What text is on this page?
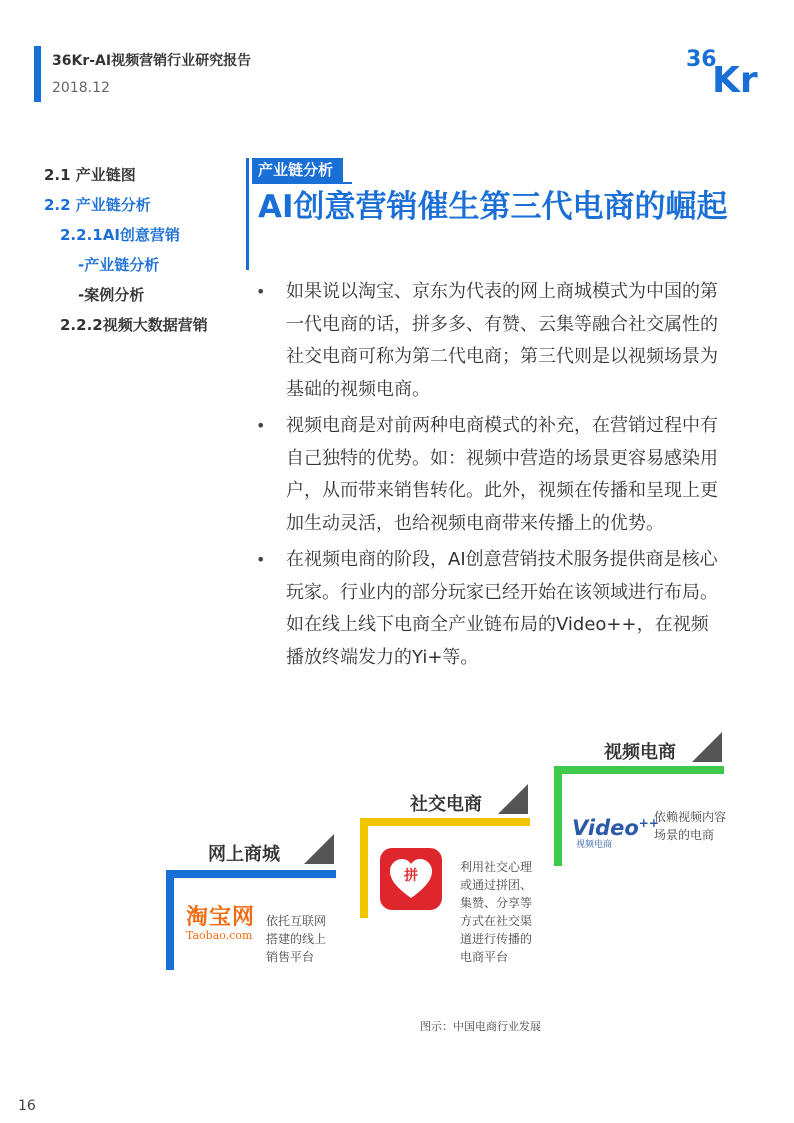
36Kr-AI视频营销行业研究报告
2018.12
36
Kr
2.1 产业链图
2.2 产业链分析
2.2.1AI创意营销
-产业链分析
-案例分析
2.2.2视频大数据营销
产业链分析
AI创意营销催生第三代电商的崛起
• 如果说以淘宝、京东为代表的网上商城模式为中国的第一代电商的话，拼多多、有赞、云集等融合社交属性的社交电商可称为第二代电商；第三代则是以视频场景为基础的视频电商。
• 视频电商是对前两种电商模式的补充，在营销过程中有自己独特的优势。如：视频中营造的场景更容易感染用户，从而带来销售转化。此外，视频在传播和呈现上更加生动灵活，也给视频电商带来传播上的优势。
• 在视频电商的阶段，AI创意营销技术服务提供商是核心玩家。行业内的部分玩家已经开始在该领域进行布局。如在线上线下电商全产业链布局的Video++，在视频播放终端发力的Yi+等。
网上商城
淘宝网
Taobao.com
依托互联网搭建的线上销售平台
社交电商
拼
利用社交心理或通过拼团、集赞、分享等方式在社交渠道进行传播的电商平台
视频电商
Video++
视频电商
依赖视频内容场景的电商
图示：中国电商行业发展
16
